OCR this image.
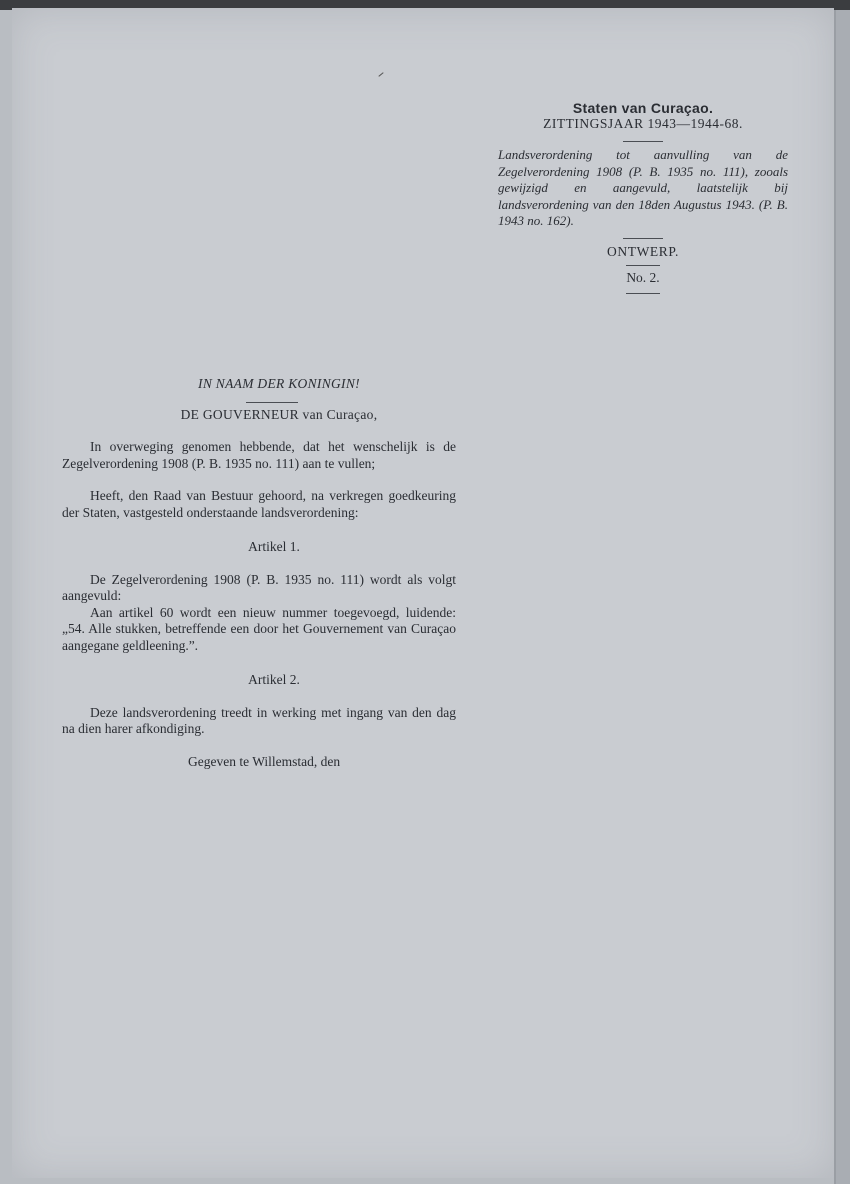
Staten van Curaçao.
ZITTINGSJAAR 1943—1944-68.
Landsverordening tot aanvulling van de Zegelverordening 1908 (P. B. 1935 no. 111), zooals gewijzigd en aangevuld, laatstelijk bij landsverordening van den 18den Augustus 1943. (P. B. 1943 no. 162).
ONTWERP.
No. 2.
IN NAAM DER KONINGIN!
DE GOUVERNEUR van Curaçao,

In overweging genomen hebbende, dat het wenschelijk is de Zegelverordening 1908 (P. B. 1935 no. 111) aan te vullen;

Heeft, den Raad van Bestuur gehoord, na verkregen goedkeuring der Staten, vastgesteld onderstaande landsverordening:

Artikel 1.

De Zegelverordening 1908 (P. B. 1935 no. 111) wordt als volgt aangevuld:

Aan artikel 60 wordt een nieuw nummer toegevoegd, luidende: „54. Alle stukken, betreffende een door het Gouvernement van Curaçao aangegane geldleening.”.

Artikel 2.

Deze landsverordening treedt in werking met ingang van den dag na dien harer afkondiging.

Gegeven te Willemstad, den
